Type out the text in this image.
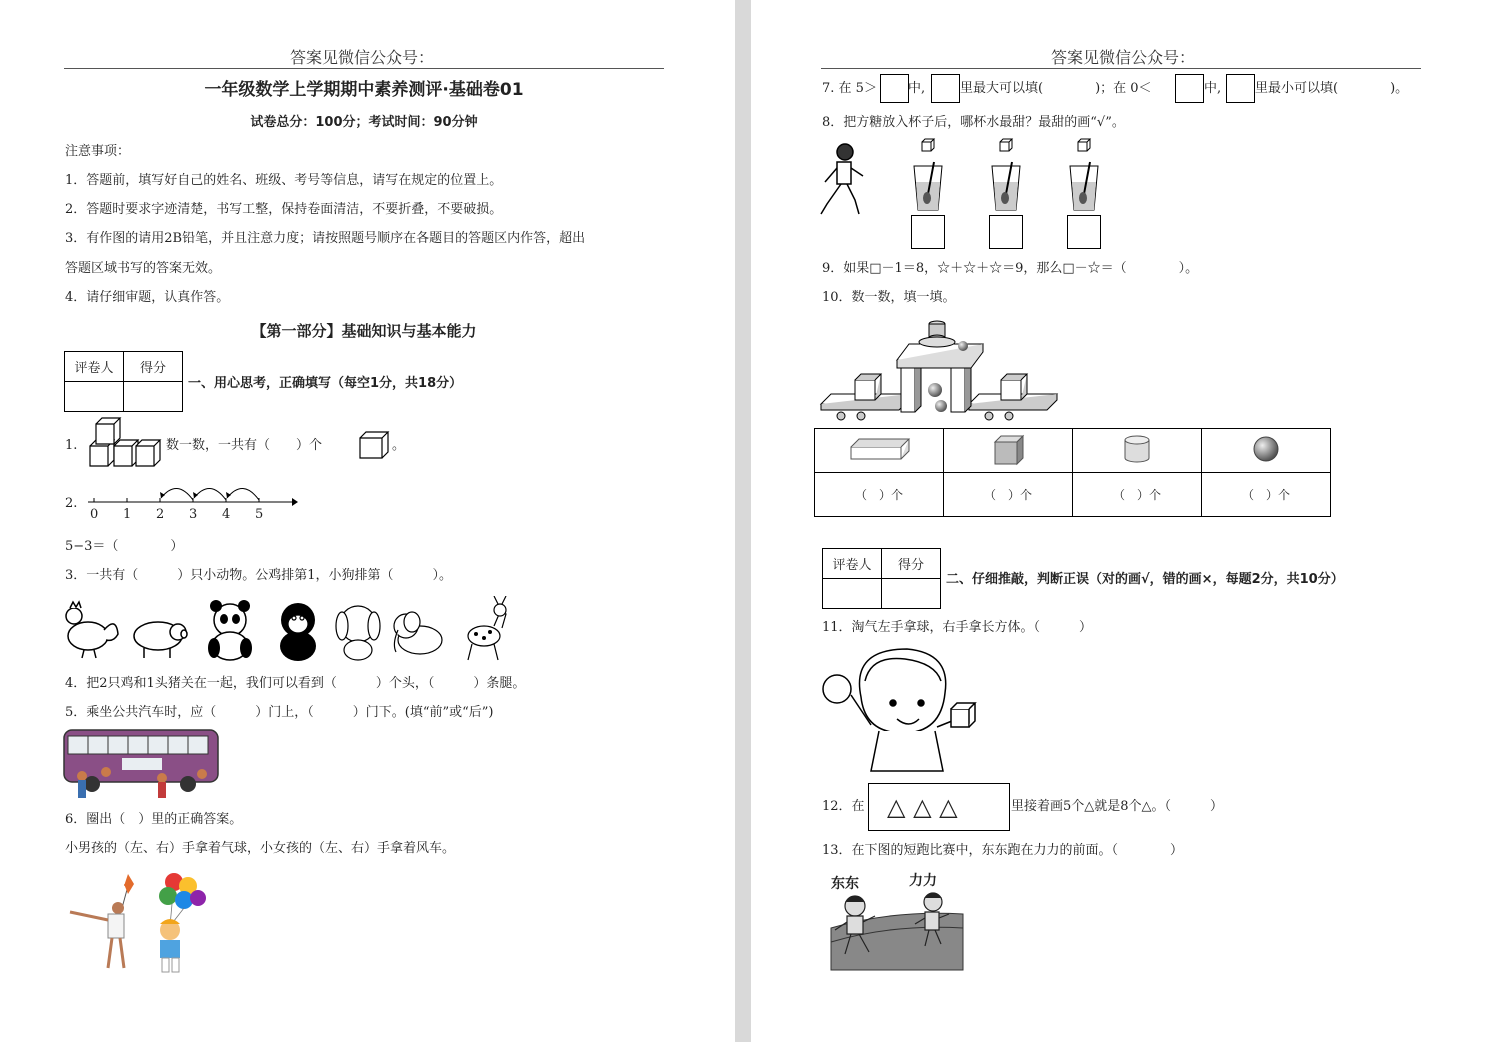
答案见微信公众号：
一年级数学上学期期中素养测评·基础卷01
试卷总分：100分；考试时间：90分钟
注意事项：
1．答题前，填写好自己的姓名、班级、考号等信息，请写在规定的位置上。
2．答题时要求字迹清楚，书写工整，保持卷面清洁，不要折叠，不要破损。
3．有作图的请用2B铅笔，并且注意力度；请按照题号顺序在各题目的答题区内作答，超出
答题区域书写的答案无效。
4．请仔细审题，认真作答。
【第一部分】基础知识与基本能力
评卷人	得分

一、用心思考，正确填写（每空1分，共18分）
1.	数一数，一共有（　　）个	。
2.
0 1 2 3 4 5
5−3＝（　　　　）
3．一共有（　　　）只小动物。公鸡排第1，小狗排第（　　　）。
4．把2只鸡和1头猪关在一起，我们可以看到（　　　）个头，（　　　）条腿。
5．乘坐公共汽车时，应（　　　）门上，（　　　）门下。(填“前”或“后”)
6．圈出（　）里的正确答案。
小男孩的（左、右）手拿着气球，小女孩的（左、右）手拿着风车。
答案见微信公众号：
7. 在 5＞ 中,	里最大可以填(　　　　)；在 0＜	中,	里最小可以填(　　　　)。
8．把方糖放入杯子后，哪杯水最甜？最甜的画“√”。
9．如果□－1＝8，☆＋☆＋☆＝9，那么□－☆＝（　　　　）。
10．数一数，填一填。

（　）个	（　）个	（　）个	（　）个
评卷人	得分

二、仔细推敲，判断正误（对的画√，错的画×，每题2分，共10分）
11．淘气左手拿球，右手拿长方体。（　　　）
12．在 △ △ △	里接着画5个△就是8个△。（　　　）
13．在下图的短跑比赛中，东东跑在力力的前面。（　　　　）
东东	力力
